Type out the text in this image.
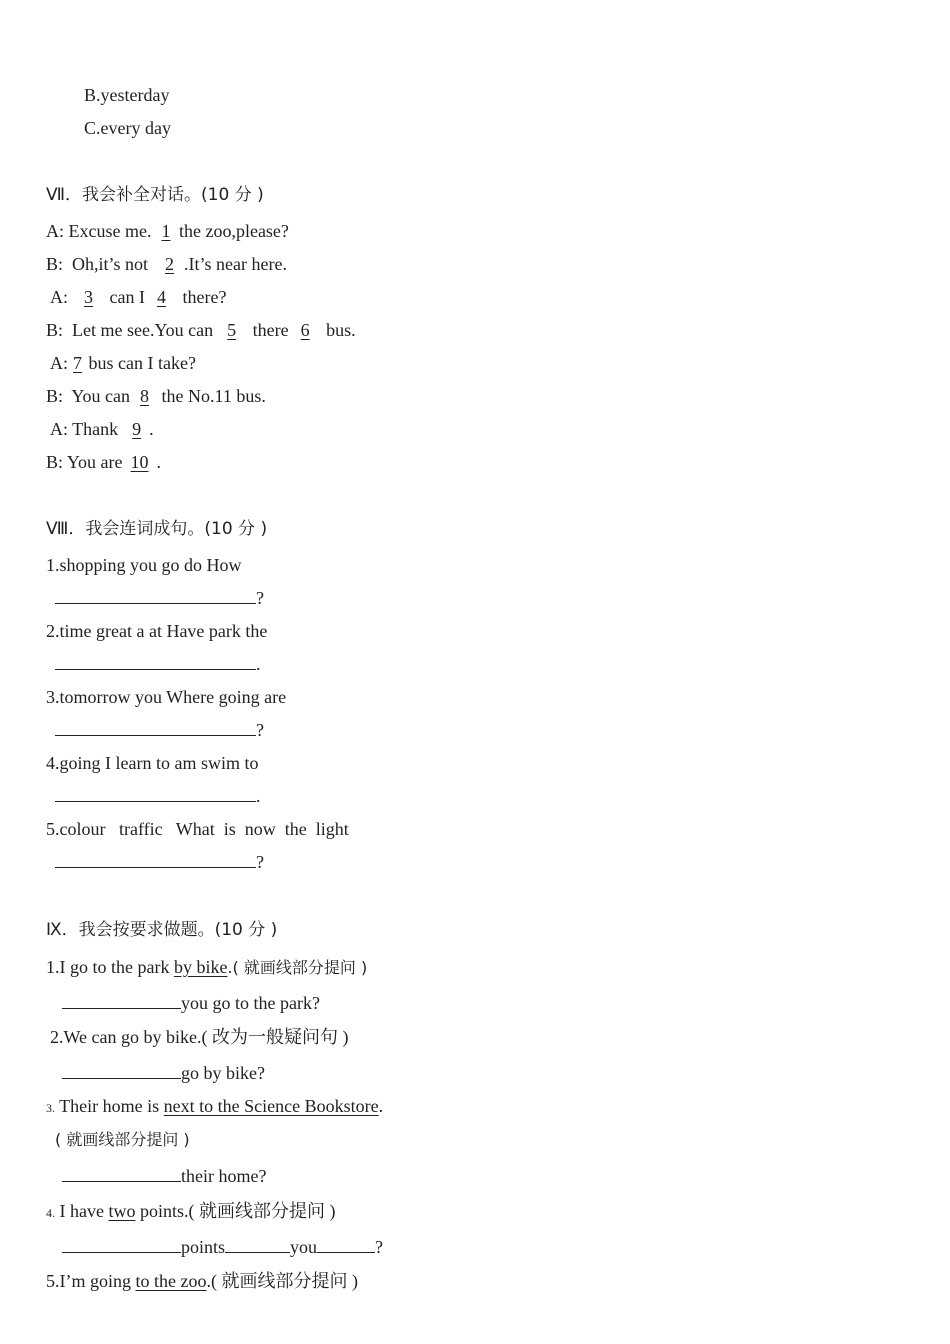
B.yesterday
C.every day
Ⅶ．我会补全对话。(10 分 )
A: Excuse me. 1 the zoo,please?
B:  Oh,it’s not 2 .It’s near here.
A: 3 can I 4 there?
B:  Let me see.You can 5 there 6 bus.
A: 7 bus can I take?
B:  You can 8 the No.11 bus.
A: Thank 9 .
B: You are 10 .
Ⅷ．我会连词成句。(10 分 )
1.shopping you go do How
?
2.time great a at Have park the
.
3.tomorrow you Where going are
?
4.going I learn to am swim to
.
5.colour   traffic   What  is  now  the  light
?
Ⅸ．我会按要求做题。(10 分 )
1.I go to the park by bike.( 就画线部分提问 )
you go to the park?
2.We can go by bike.( 改为一般疑问句 )
go by bike?
3. Their home is next to the Science Bookstore.
( 就画线部分提问 )
their home?
4. I have two points.( 就画线部分提问 )
points	you	?
5.I’m going to the zoo.( 就画线部分提问 )
